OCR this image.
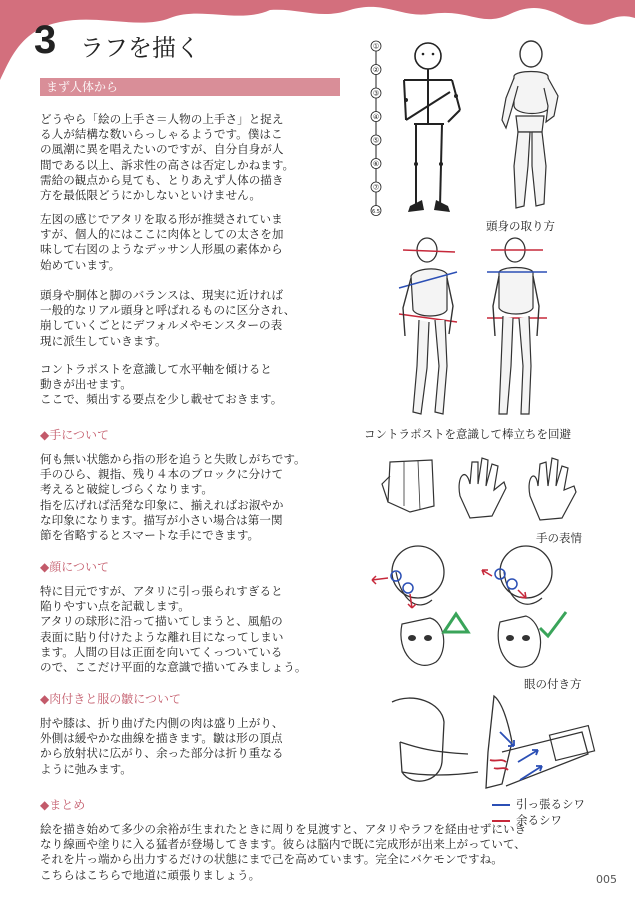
3 ラフを描く
まず人体から
どうやら「絵の上手さ＝人物の上手さ」と捉え
る人が結構な数いらっしゃるようです。僕はこ
の風潮に異を唱えたいのですが、自分自身が人
間である以上、訴求性の高さは否定しかねます。
需給の観点から見ても、とりあえず人体の描き
方を最低限どうにかしないといけません。
左図の感じでアタリを取る形が推奨されていま
すが、個人的にはここに肉体としての太さを加
味して右図のようなデッサン人形風の素体から
始めています。
頭身や胴体と脚のバランスは、現実に近ければ
一般的なリアル頭身と呼ばれるものに区分され、
崩していくごとにデフォルメやモンスターの表
現に派生していきます。
コントラポストを意識して水平軸を傾けると
動きが出せます。
ここで、頻出する要点を少し載せておきます。
◆手について
何も無い状態から指の形を追うと失敗しがちです。
手のひら、親指、残り４本のブロックに分けて
考えると破綻しづらくなります。
指を広げれば活発な印象に、揃えればお淑やか
な印象になります。描写が小さい場合は第一関
節を省略するとスマートな手にできます。
◆顔について
特に目元ですが、アタリに引っ張られすぎると
陥りやすい点を記載します。
アタリの球形に沿って描いてしまうと、風船の
表面に貼り付けたような離れ目になってしまい
ます。人間の目は正面を向いてくっついている
ので、ここだけ平面的な意識で描いてみましょう。
◆肉付きと服の皺について
肘や膝は、折り曲げた内側の肉は盛り上がり、
外側は緩やかな曲線を描きます。皺は形の頂点
から放射状に広がり、余った部分は折り重なる
ように弛みます。
◆まとめ
絵を描き始めて多少の余裕が生まれたときに周りを見渡すと、アタリやラフを経由せずにいき
なり線画や塗りに入る猛者が登場してきます。彼らは脳内で既に完成形が出来上がっていて、
それを片っ端から出力するだけの状態にまで己を高めています。完全にバケモンですね。
こちらはこちらで地道に頑張りましょう。
①
②
③
④
⑤
⑥
⑦
6.5
頭身の取り方
コントラポストを意識して棒立ちを回避
手の表情
眼の付き方
引っ張るシワ
余るシワ
005
